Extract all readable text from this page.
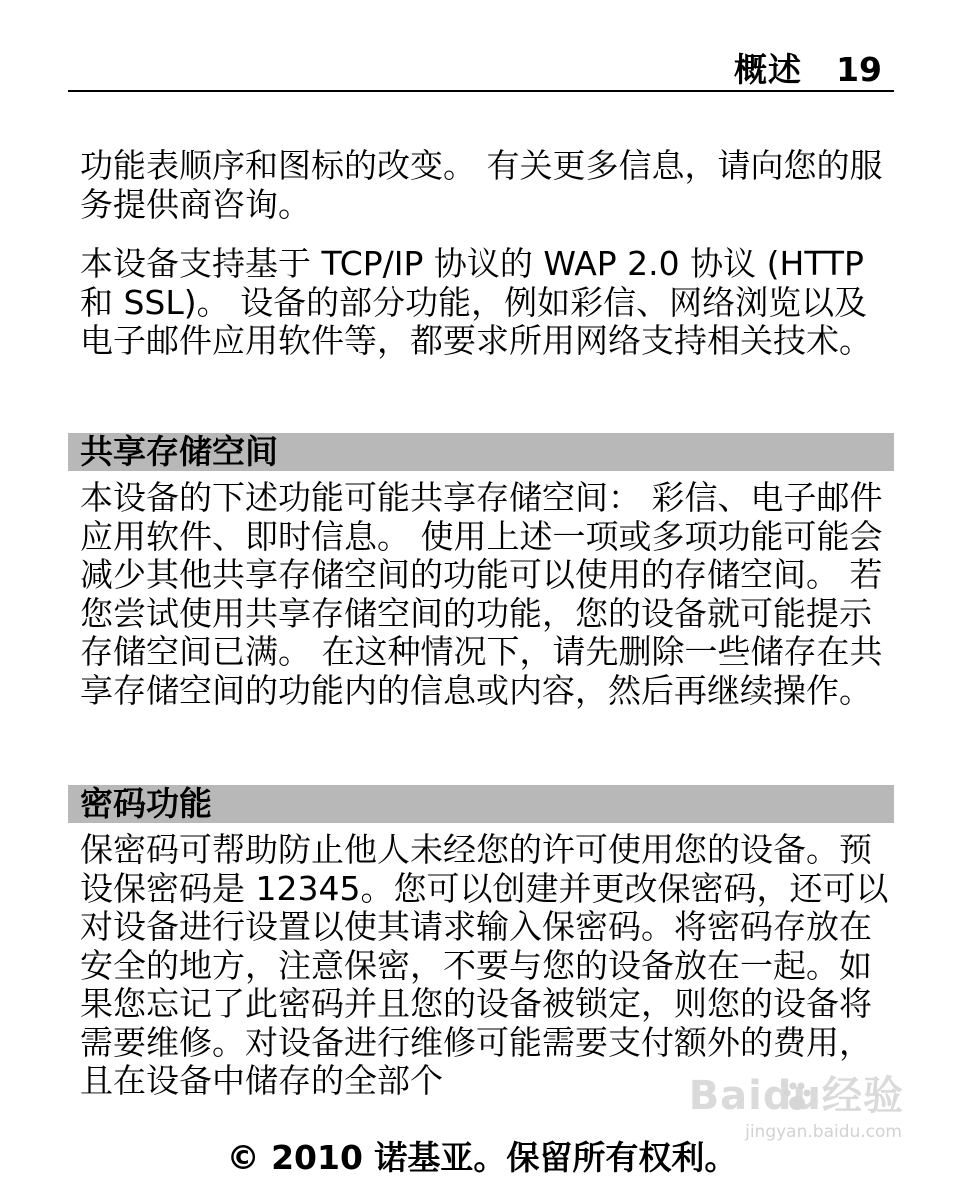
概述 19

功能表顺序和图标的改变。 有关更多信息，请向您的服务提供商咨询。

本设备支持基于 TCP/IP 协议的 WAP 2.0 协议 (HTTP 和 SSL)。 设备的部分功能，例如彩信、网络浏览以及电子邮件应用软件等，都要求所用网络支持相关技术。

共享存储空间

本设备的下述功能可能共享存储空间： 彩信、电子邮件应用软件、即时信息。 使用上述一项或多项功能可能会减少其他共享存储空间的功能可以使用的存储空间。 若您尝试使用共享存储空间的功能，您的设备就可能提示存储空间已满。 在这种情况下，请先删除一些储存在共享存储空间的功能内的信息或内容，然后再继续操作。

密码功能

保密码可帮助防止他人未经您的许可使用您的设备。预设保密码是 12345。您可以创建并更改保密码，还可以对设备进行设置以使其请求输入保密码。将密码存放在安全的地方，注意保密，不要与您的设备放在一起。如果您忘记了此密码并且您的设备被锁定，则您的设备将需要维修。对设备进行维修可能需要支付额外的费用，且在设备中储存的全部个	Baidu经验
jingyan.baidu.com
© 2010 诺基亚。保留所有权利。
